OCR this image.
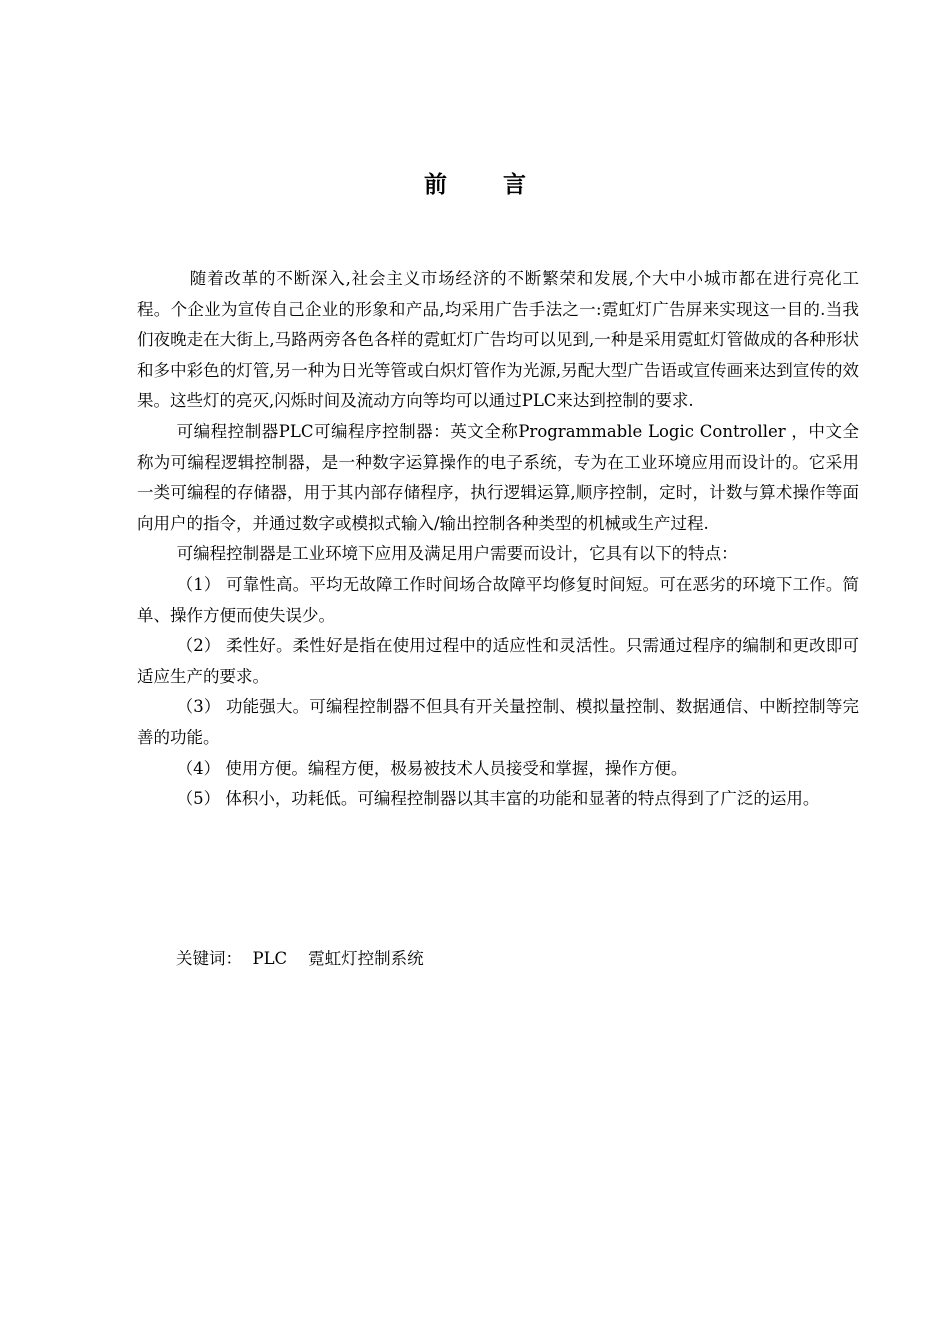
前 言

随着改革的不断深入,社会主义市场经济的不断繁荣和发展,个大中小城市都在进行亮化工程。个企业为宣传自己企业的形象和产品,均采用广告手法之一:霓虹灯广告屏来实现这一目的.当我们夜晚走在大街上,马路两旁各色各样的霓虹灯广告均可以见到,一种是采用霓虹灯管做成的各种形状和多中彩色的灯管,另一种为日光等管或白炽灯管作为光源,另配大型广告语或宣传画来达到宣传的效果。这些灯的亮灭,闪烁时间及流动方向等均可以通过PLC来达到控制的要求.

可编程控制器PLC可编程序控制器：英文全称Programmable Logic Controller ，中文全称为可编程逻辑控制器，是一种数字运算操作的电子系统，专为在工业环境应用而设计的。它采用一类可编程的存储器，用于其内部存储程序，执行逻辑运算,顺序控制，定时，计数与算术操作等面向用户的指令，并通过数字或模拟式输入/输出控制各种类型的机械或生产过程.

可编程控制器是工业环境下应用及满足用户需要而设计，它具有以下的特点：

（1） 可靠性高。平均无故障工作时间场合故障平均修复时间短。可在恶劣的环境下工作。简单、操作方便而使失误少。

（2） 柔性好。柔性好是指在使用过程中的适应性和灵活性。只需通过程序的编制和更改即可适应生产的要求。

（3） 功能强大。可编程控制器不但具有开关量控制、模拟量控制、数据通信、中断控制等完善的功能。

（4） 使用方便。编程方便，极易被技术人员接受和掌握，操作方便。

（5） 体积小，功耗低。可编程控制器以其丰富的功能和显著的特点得到了广泛的运用。

关键词： PLC 霓虹灯控制系统
